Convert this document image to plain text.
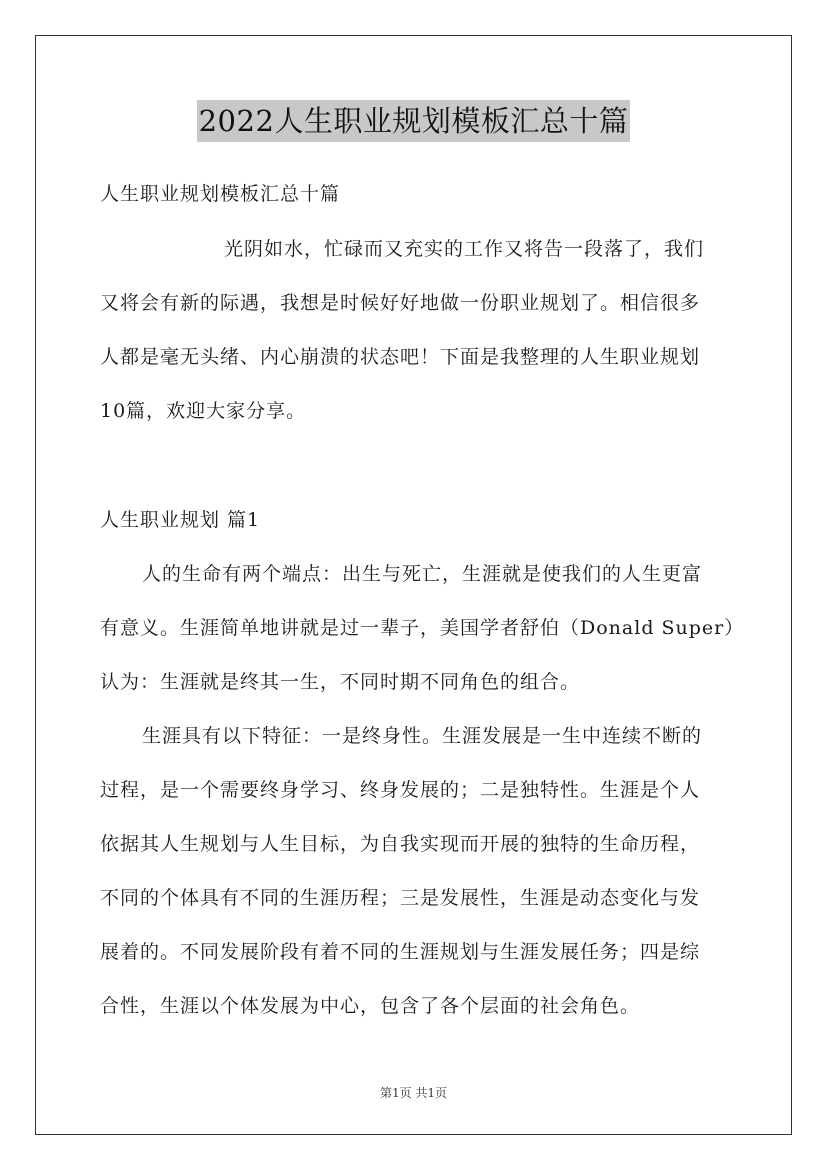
2022人生职业规划模板汇总十篇
人生职业规划模板汇总十篇
光阴如水，忙碌而又充实的工作又将告一段落了，我们
又将会有新的际遇，我想是时候好好地做一份职业规划了。相信很多
人都是毫无头绪、内心崩溃的状态吧！下面是我整理的人生职业规划
10篇，欢迎大家分享。
人生职业规划 篇1
人的生命有两个端点：出生与死亡，生涯就是使我们的人生更富
有意义。生涯简单地讲就是过一辈子，美国学者舒伯（Donald Super）
认为：生涯就是终其一生，不同时期不同角色的组合。
生涯具有以下特征：一是终身性。生涯发展是一生中连续不断的
过程，是一个需要终身学习、终身发展的；二是独特性。生涯是个人
依据其人生规划与人生目标，为自我实现而开展的独特的生命历程，
不同的个体具有不同的生涯历程；三是发展性，生涯是动态变化与发
展着的。不同发展阶段有着不同的生涯规划与生涯发展任务；四是综
合性，生涯以个体发展为中心，包含了各个层面的社会角色。
第1页 共1页
